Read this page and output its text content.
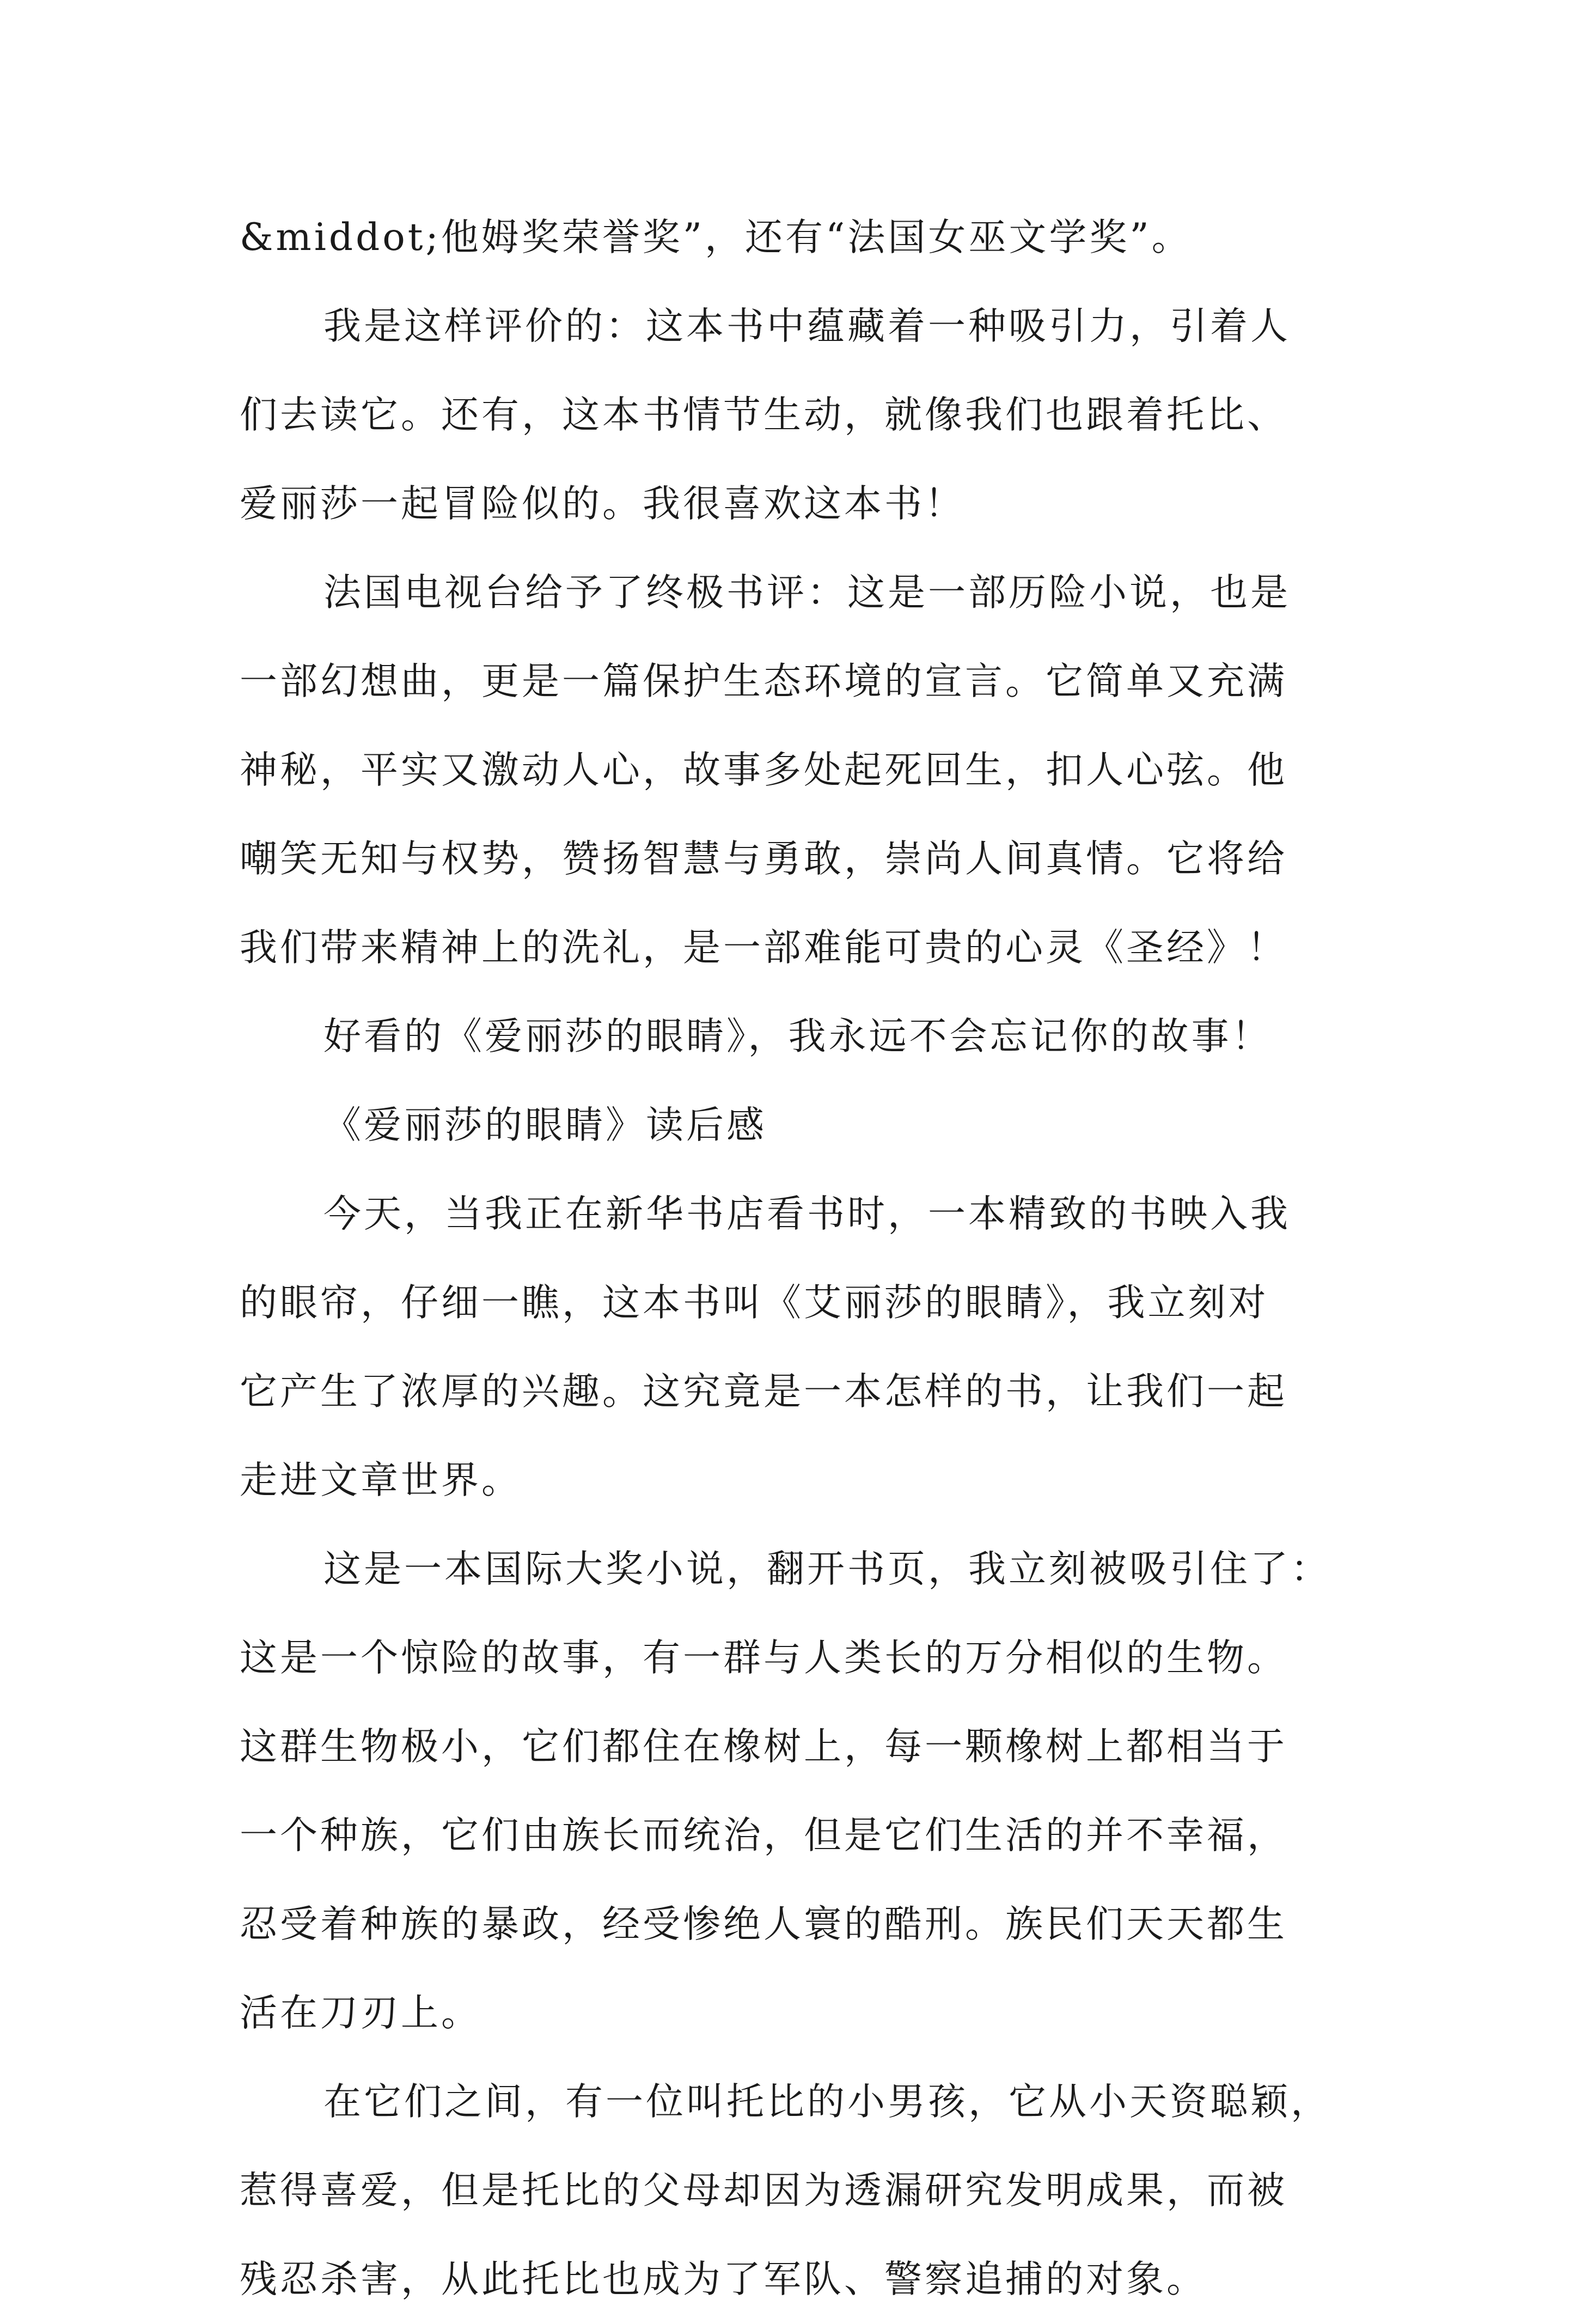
&middot;他姆奖荣誉奖”，还有“法国女巫文学奖”。
我是这样评价的：这本书中蕴藏着一种吸引力，引着人
们去读它。还有，这本书情节生动，就像我们也跟着托比、
爱丽莎一起冒险似的。我很喜欢这本书！
法国电视台给予了终极书评：这是一部历险小说，也是
一部幻想曲，更是一篇保护生态环境的宣言。它简单又充满
神秘，平实又激动人心，故事多处起死回生，扣人心弦。他
嘲笑无知与权势，赞扬智慧与勇敢，崇尚人间真情。它将给
我们带来精神上的洗礼，是一部难能可贵的心灵《圣经》！
好看的《爱丽莎的眼睛》，我永远不会忘记你的故事！
《爱丽莎的眼睛》读后感
今天，当我正在新华书店看书时，一本精致的书映入我
的眼帘，仔细一瞧，这本书叫《艾丽莎的眼睛》，我立刻对
它产生了浓厚的兴趣。这究竟是一本怎样的书，让我们一起
走进文章世界。
这是一本国际大奖小说，翻开书页，我立刻被吸引住了：
这是一个惊险的故事，有一群与人类长的万分相似的生物。
这群生物极小，它们都住在橡树上，每一颗橡树上都相当于
一个种族，它们由族长而统治，但是它们生活的并不幸福，
忍受着种族的暴政，经受惨绝人寰的酷刑。族民们天天都生
活在刀刃上。
在它们之间，有一位叫托比的小男孩，它从小天资聪颖，
惹得喜爱，但是托比的父母却因为透漏研究发明成果，而被
残忍杀害，从此托比也成为了军队、警察追捕的对象。
